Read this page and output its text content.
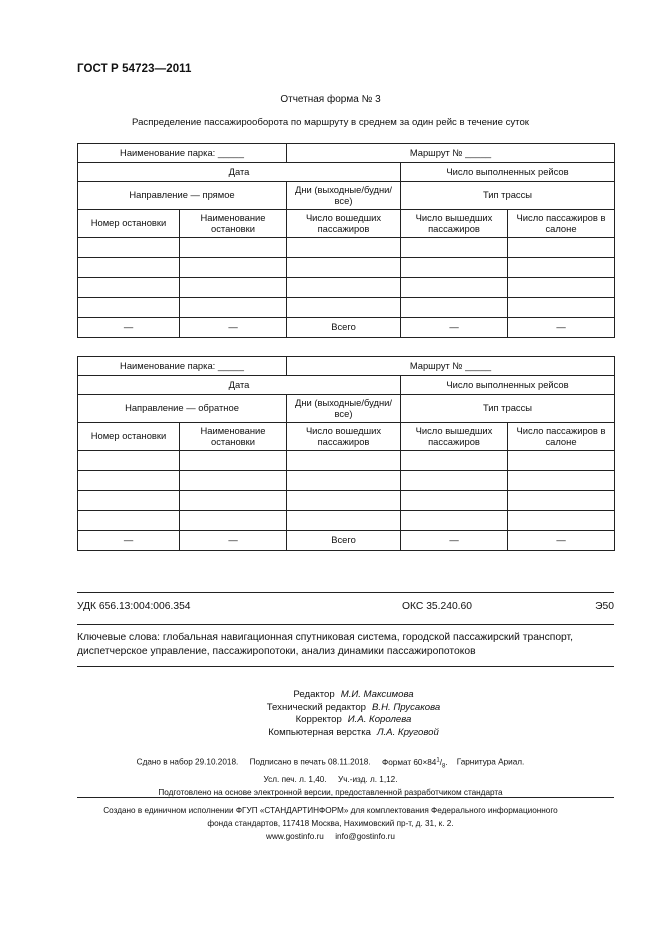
ГОСТ Р 54723—2011
Отчетная форма № 3
Распределение пассажирооборота по маршруту в среднем за один рейс в течение суток
Наименование парка: _____		Маршрут № _____		
Дата			Число выполненных рейсов	
Направление — прямое		Дни (выходные/будни/все)	Тип трассы	
Номер остановки	Наименование остановки	Число вошедших пассажиров	Число вышедших пассажиров	Число пассажиров в салоне

—	—	Всего	—	—
Наименование парка: _____		Маршрут № _____		
Дата			Число выполненных рейсов	
Направление — обратное		Дни (выходные/будни/все)	Тип трассы	
Номер остановки	Наименование остановки	Число вошедших пассажиров	Число вышедших пассажиров	Число пассажиров в салоне

—	—	Всего	—	—
УДК 656.13:004:006.354	ОКС 35.240.60	Э50
Ключевые слова: глобальная навигационная спутниковая система, городской пассажирский транспорт, диспетчерское управление, пассажиропотоки, анализ динамики пассажиропотоков
Редактор М.И. Максимова
Технический редактор В.Н. Прусакова
Корректор И.А. Королева
Компьютерная верстка Л.А. Круговой
Сдано в набор 29.10.2018. Подписано в печать 08.11.2018. Формат $60\times 84^1/_8$. Гарнитура Ариал.
Усл. печ. л. 1,40. Уч.-изд. л. 1,12.
Подготовлено на основе электронной версии, предоставленной разработчиком стандарта
Создано в единичном исполнении ФГУП «СТАНДАРТИНФОРМ» для комплектования Федерального информационного
фонда стандартов, 117418 Москва, Нахимовский пр-т, д. 31, к. 2.
www.gostinfo.ru info@gostinfo.ru
